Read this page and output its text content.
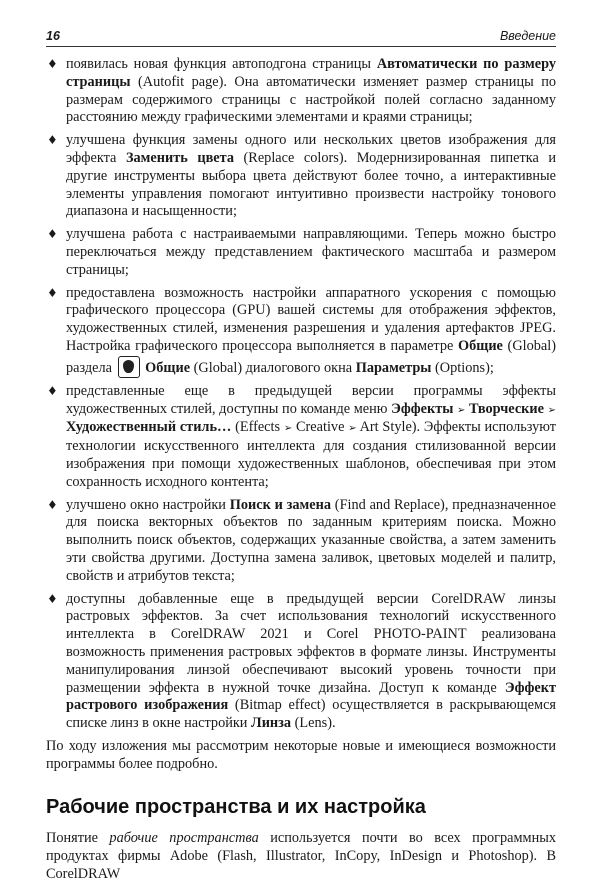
16	Введение
♦ появилась новая функция автоподгона страницы Автоматически по размеру страницы (Autofit page). Она автоматически изменяет размер страницы по размерам содержимого страницы с настройкой полей согласно заданному расстоянию между графическими элементами и краями страницы;
♦ улучшена функция замены одного или нескольких цветов изображения для эффекта Заменить цвета (Replace colors). Модернизированная пипетка и другие инструменты выбора цвета действуют более точно, а интерактивные элементы управления помогают интуитивно произвести настройку тонового диапазона и насыщенности;
♦ улучшена работа с настраиваемыми направляющими. Теперь можно быстро переключаться между представлением фактического масштаба и размером страницы;
♦ предоставлена возможность настройки аппаратного ускорения с помощью графического процессора (GPU) вашей системы для отображения эффектов, художественных стилей, изменения разрешения и удаления артефактов JPEG. Настройка графического процессора выполняется в параметре Общие (Global) раздела  Общие (Global) диалогового окна Параметры (Options);
♦ представленные еще в предыдущей версии программы эффекты художественных стилей, доступны по команде меню Эффекты ➢ Творческие ➢ Художественный стиль… (Effects ➢ Creative ➢ Art Style). Эффекты используют технологии искусственного интеллекта для создания стилизованной версии изображения при помощи художественных шаблонов, обеспечивая при этом сохранность исходного контента;
♦ улучшено окно настройки Поиск и замена (Find and Replace), предназначенное для поиска векторных объектов по заданным критериям поиска. Можно выполнить поиск объектов, содержащих указанные свойства, а затем заменить эти свойства другими. Доступна замена заливок, цветовых моделей и палитр, свойств и атрибутов текста;
♦ доступны добавленные еще в предыдущей версии CorelDRAW линзы растровых эффектов. За счет использования технологий искусственного интеллекта в CorelDRAW 2021 и Corel PHOTO-PAINT реализована возможность применения растровых эффектов в формате линзы. Инструменты манипулирования линзой обеспечивают высокий уровень точности при размещении эффекта в нужной точке дизайна. Доступ к команде Эффект растрового изображения (Bitmap effect) осуществляется в раскрывающемся списке линз в окне настройки Линза (Lens).

По ходу изложения мы рассмотрим некоторые новые и имеющиеся возможности программы более подробно.

Рабочие пространства и их настройка

Понятие рабочие пространства используется почти во всех программных продуктах фирмы Adobe (Flash, Illustrator, InCopy, InDesign и Photoshop). В CorelDRAW
